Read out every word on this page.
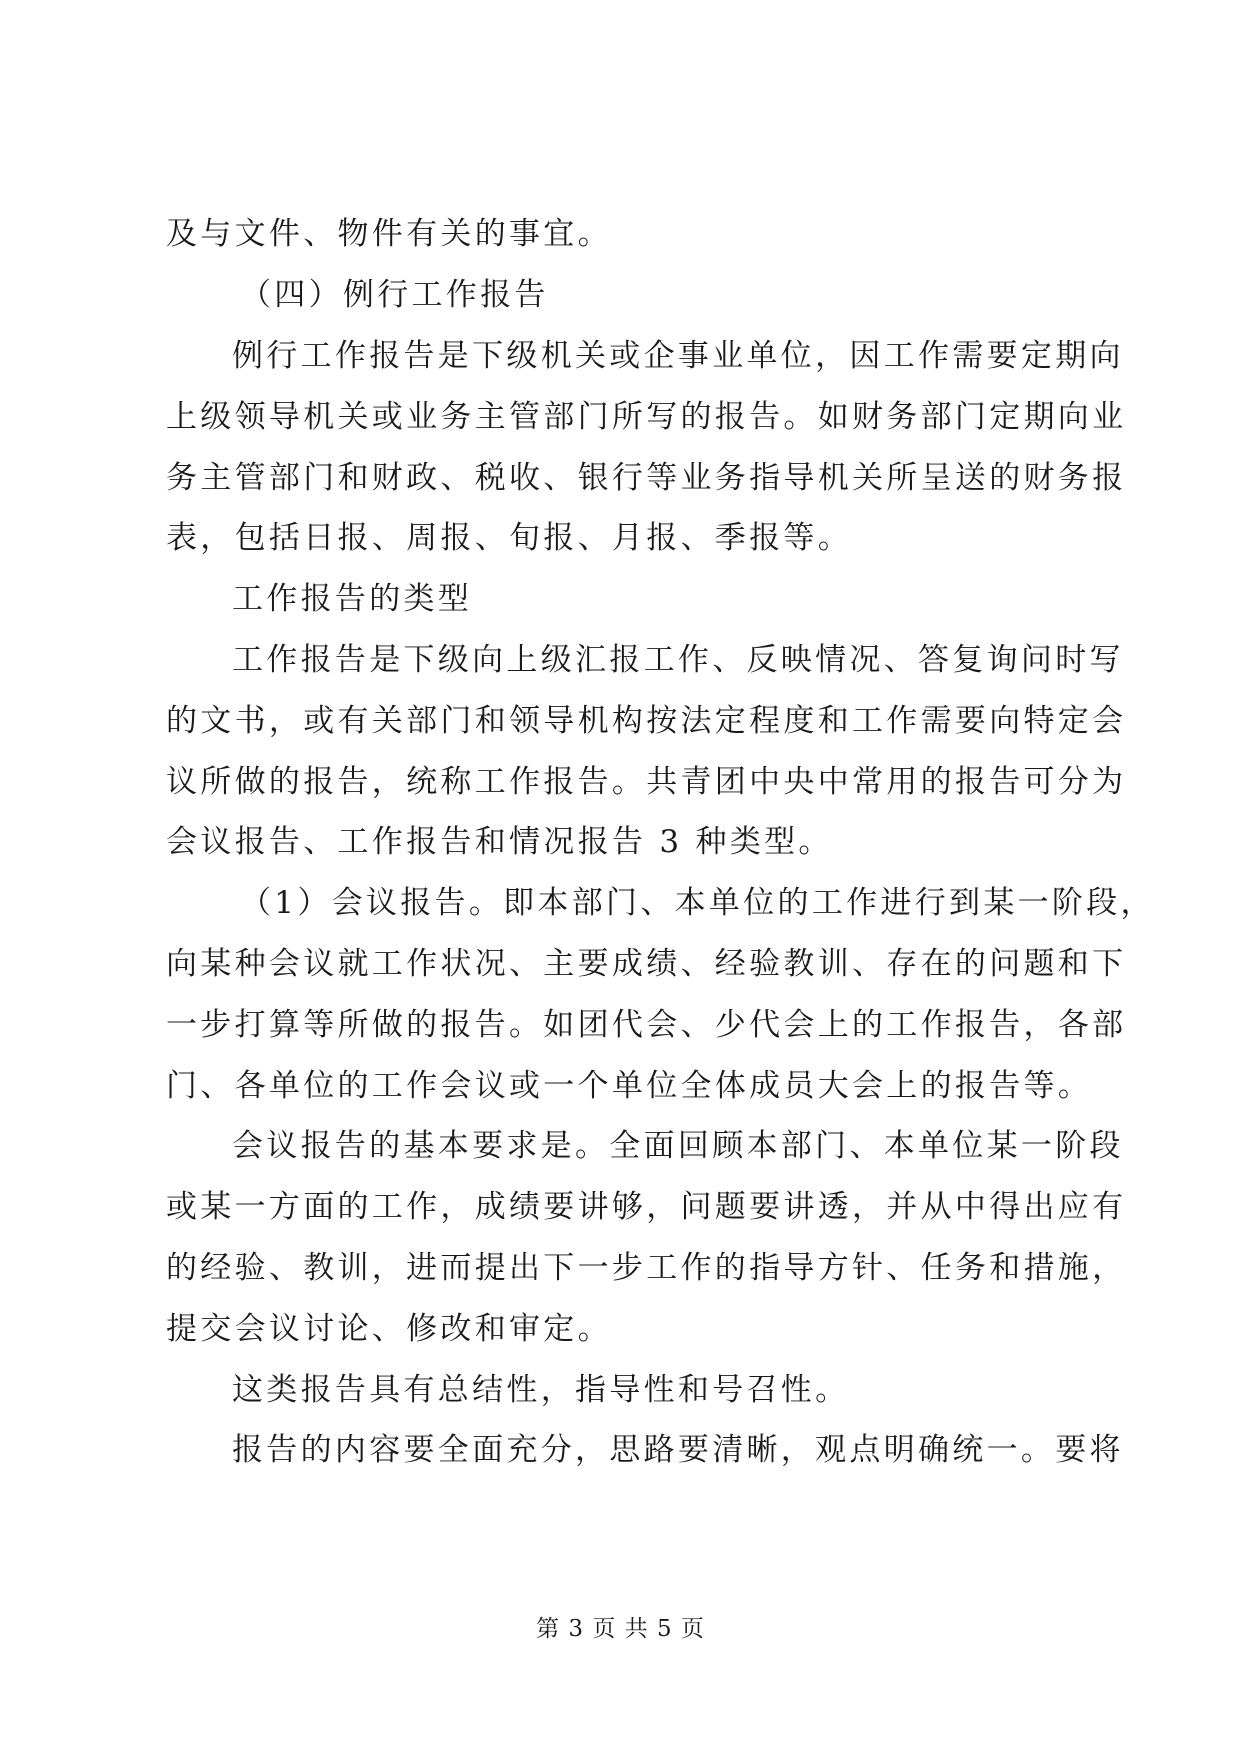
及与文件、物件有关的事宜。
（四）例行工作报告
例行工作报告是下级机关或企事业单位，因工作需要定期向
上级领导机关或业务主管部门所写的报告。如财务部门定期向业
务主管部门和财政、税收、银行等业务指导机关所呈送的财务报
表，包括日报、周报、旬报、月报、季报等。
工作报告的类型
工作报告是下级向上级汇报工作、反映情况、答复询问时写
的文书，或有关部门和领导机构按法定程度和工作需要向特定会
议所做的报告，统称工作报告。共青团中央中常用的报告可分为
会议报告、工作报告和情况报告 3 种类型。
（1）会议报告。即本部门、本单位的工作进行到某一阶段，
向某种会议就工作状况、主要成绩、经验教训、存在的问题和下
一步打算等所做的报告。如团代会、少代会上的工作报告，各部
门、各单位的工作会议或一个单位全体成员大会上的报告等。
会议报告的基本要求是。全面回顾本部门、本单位某一阶段
或某一方面的工作，成绩要讲够，问题要讲透，并从中得出应有
的经验、教训，进而提出下一步工作的指导方针、任务和措施，
提交会议讨论、修改和审定。
这类报告具有总结性，指导性和号召性。
报告的内容要全面充分，思路要清晰，观点明确统一。要将
第 3 页 共 5 页
